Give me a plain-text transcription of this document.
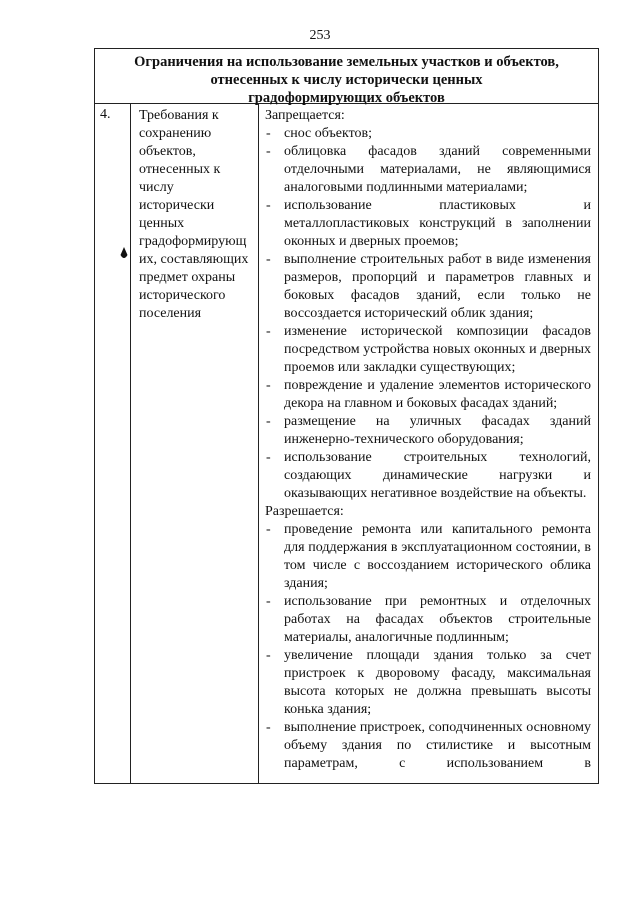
253
Ограничения на использование земельных участков и объектов,
отнесенных к числу исторически ценных
градоформирующих объектов
4. Требования к
сохранению
объектов,
отнесенных к
числу
исторически
ценных
градоформирующ
их, составляющих
предмет охраны
исторического
поселения
Запрещается:
- снос объектов;
- облицовка фасадов зданий современными отделочными материалами, не являющимися аналоговыми подлинными материалами;
- использование пластиковых и металлопластиковых конструкций в заполнении оконных и дверных проемов;
- выполнение строительных работ в виде изменения размеров, пропорций и параметров главных и боковых фасадов зданий, если только не воссоздается исторический облик здания;
- изменение исторической композиции фасадов посредством устройства новых оконных и дверных проемов или закладки существующих;
- повреждение и удаление элементов исторического декора на главном и боковых фасадах зданий;
- размещение на уличных фасадах зданий инженерно-технического оборудования;
- использование строительных технологий, создающих динамические нагрузки и оказывающих негативное воздействие на объекты.
Разрешается:
- проведение ремонта или капитального ремонта для поддержания в эксплуатационном состоянии, в том числе с воссозданием исторического облика здания;
- использование при ремонтных и отделочных работах на фасадах объектов строительные материалы, аналогичные подлинным;
- увеличение площади здания только за счет пристроек к дворовому фасаду, максимальная высота которых не должна превышать высоты конька здания;
- выполнение пристроек, соподчиненных основному объему здания по стилистике и высотным параметрам, с использованием в
